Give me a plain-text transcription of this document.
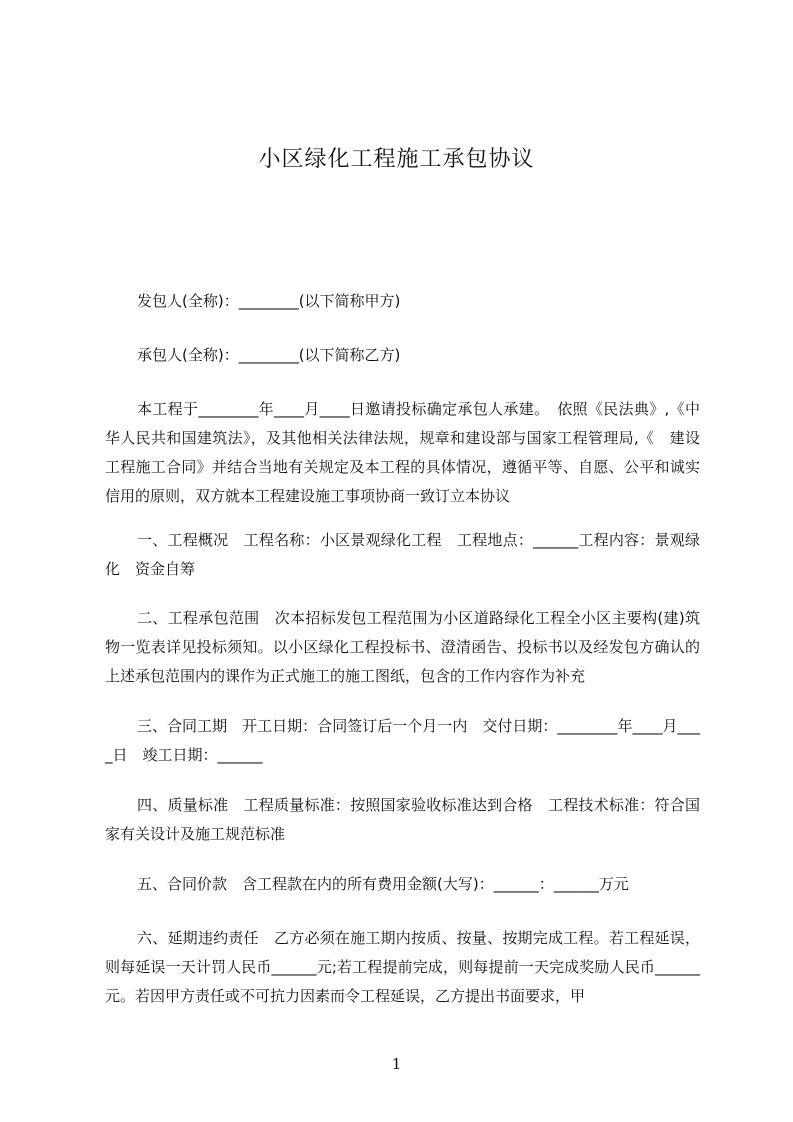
小区绿化工程施工承包协议

发包人(全称)：________(以下简称甲方)

承包人(全称)：________(以下简称乙方)

本工程于________年____月____日邀请投标确定承包人承建。　依照《民法典》,《中华人民共和国建筑法》，及其他相关法律法规，规章和建设部与国家工程管理局,《　建设工程施工合同》并结合当地有关规定及本工程的具体情况，遵循平等、自愿、公平和诚实信用的原则，双方就本工程建设施工事项协商一致订立本协议

一、工程概况　工程名称：小区景观绿化工程　工程地点：______工程内容：景观绿化　资金自筹

二、工程承包范围　次本招标发包工程范围为小区道路绿化工程全小区主要构(建)筑物一览表详见投标须知。以小区绿化工程投标书、澄清函告、投标书以及经发包方确认的上述承包范围内的课作为正式施工的施工图纸，包含的工作内容作为补充

三、合同工期　开工日期：合同签订后一个月一内　交付日期：________年____月____日　竣工日期：______

四、质量标准　工程质量标准：按照国家验收标准达到合格　工程技术标准：符合国家有关设计及施工规范标准

五、合同价款　含工程款在内的所有费用金额(大写)：______：______万元

六、延期违约责任　乙方必须在施工期内按质、按量、按期完成工程。若工程延误，则每延误一天计罚人民币______元;若工程提前完成，则每提前一天完成奖励人民币______元。若因甲方责任或不可抗力因素而令工程延误，乙方提出书面要求，甲

1
